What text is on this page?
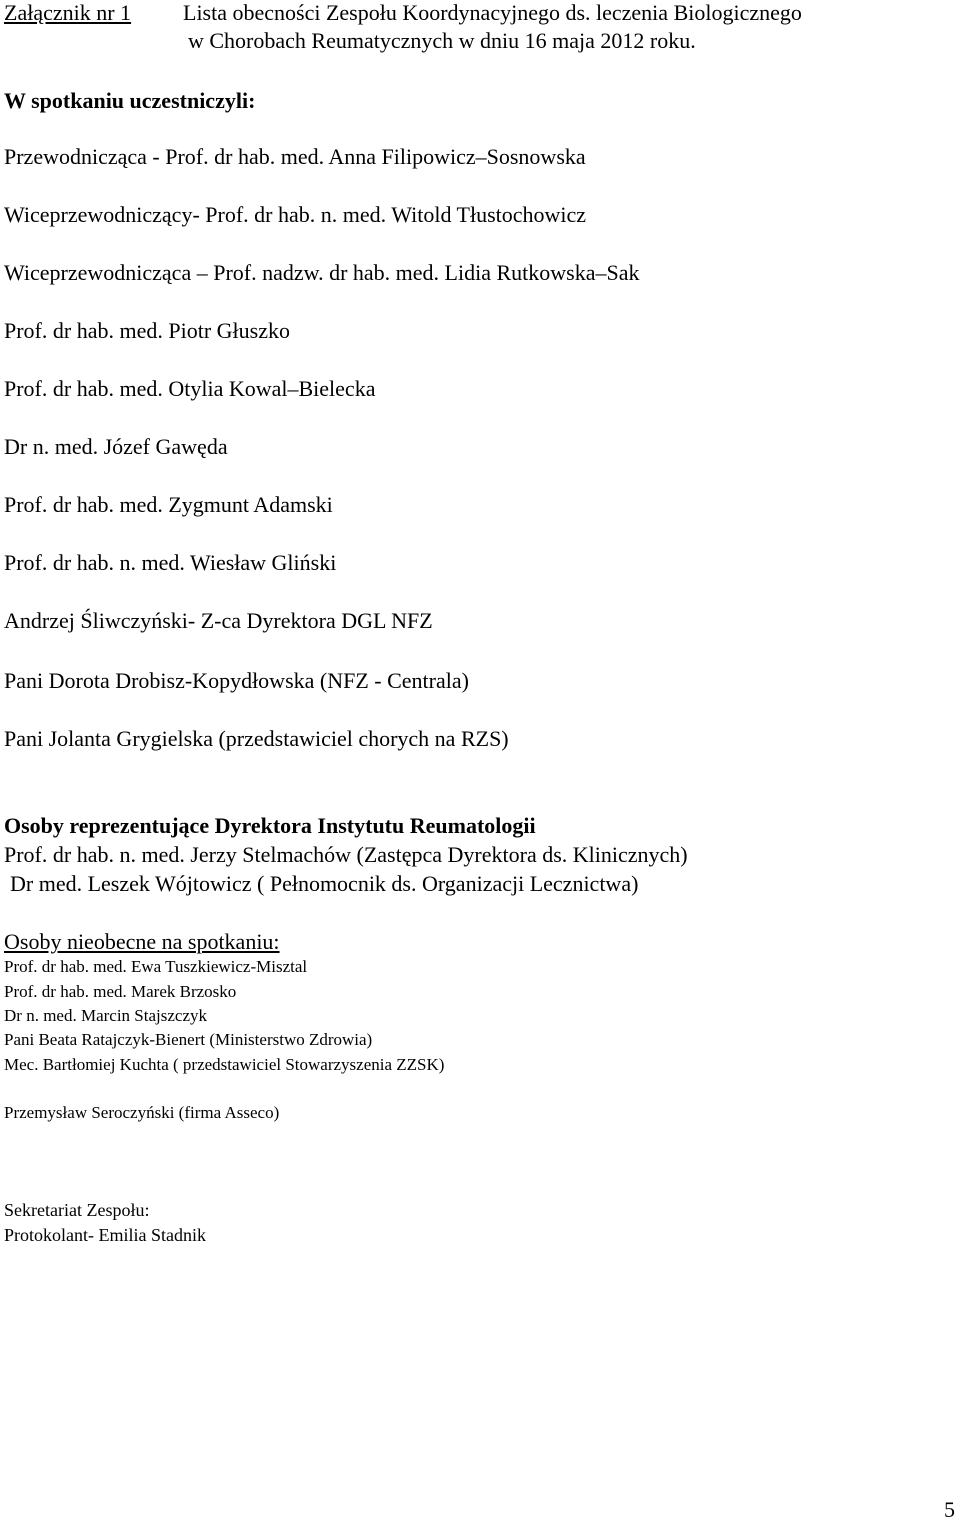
Załącznik nr 1 Lista obecności Zespołu Koordynacyjnego ds. leczenia Biologicznego
w Chorobach Reumatycznych w dniu 16 maja 2012 roku.
W spotkaniu uczestniczyli:
Przewodnicząca - Prof. dr hab. med. Anna Filipowicz–Sosnowska
Wiceprzewodniczący- Prof. dr hab. n. med. Witold Tłustochowicz
Wiceprzewodnicząca – Prof. nadzw. dr hab. med. Lidia Rutkowska–Sak
Prof. dr hab. med. Piotr Głuszko
Prof. dr hab. med. Otylia Kowal–Bielecka
Dr n. med. Józef Gawęda
Prof. dr hab. med. Zygmunt Adamski
Prof. dr hab. n. med. Wiesław Gliński
Andrzej Śliwczyński- Z-ca Dyrektora DGL NFZ
Pani Dorota Drobisz-Kopydłowska (NFZ - Centrala)
Pani Jolanta Grygielska (przedstawiciel chorych na RZS)
Osoby reprezentujące Dyrektora Instytutu Reumatologii
Prof. dr hab. n. med. Jerzy Stelmachów (Zastępca Dyrektora ds. Klinicznych)
Dr med. Leszek Wójtowicz ( Pełnomocnik ds. Organizacji Lecznictwa)
Osoby nieobecne na spotkaniu:
Prof. dr hab. med. Ewa Tuszkiewicz-Misztal
Prof. dr hab. med. Marek Brzosko
Dr n. med. Marcin Stajszczyk
Pani Beata Ratajczyk-Bienert (Ministerstwo Zdrowia)
Mec. Bartłomiej Kuchta ( przedstawiciel Stowarzyszenia ZZSK)
Przemysław Seroczyński (firma Asseco)
Sekretariat Zespołu:
Protokolant- Emilia Stadnik
5
